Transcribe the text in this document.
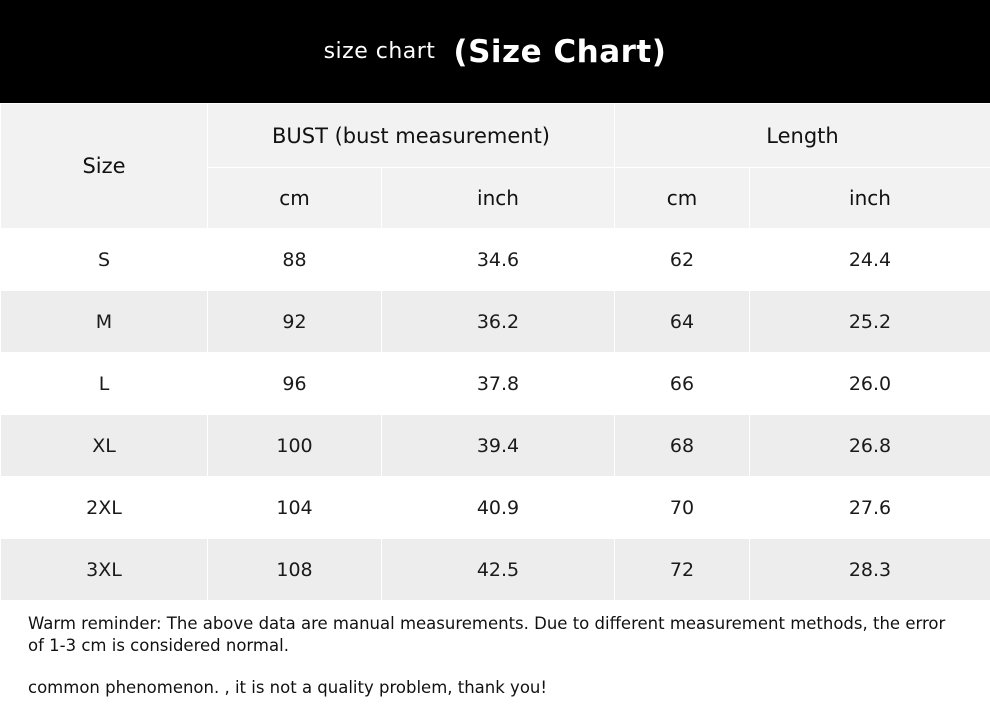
size chart (Size Chart)
Size	BUST (bust measurement)		Length	
	cm	inch	cm	inch
S	88	34.6	62	24.4
M	92	36.2	64	25.2
L	96	37.8	66	26.0
XL	100	39.4	68	26.8
2XL	104	40.9	70	27.6
3XL	108	42.5	72	28.3

Warm reminder: The above data are manual measurements. Due to different measurement methods, the error of 1-3 cm is considered normal.

common phenomenon. , it is not a quality problem, thank you!
